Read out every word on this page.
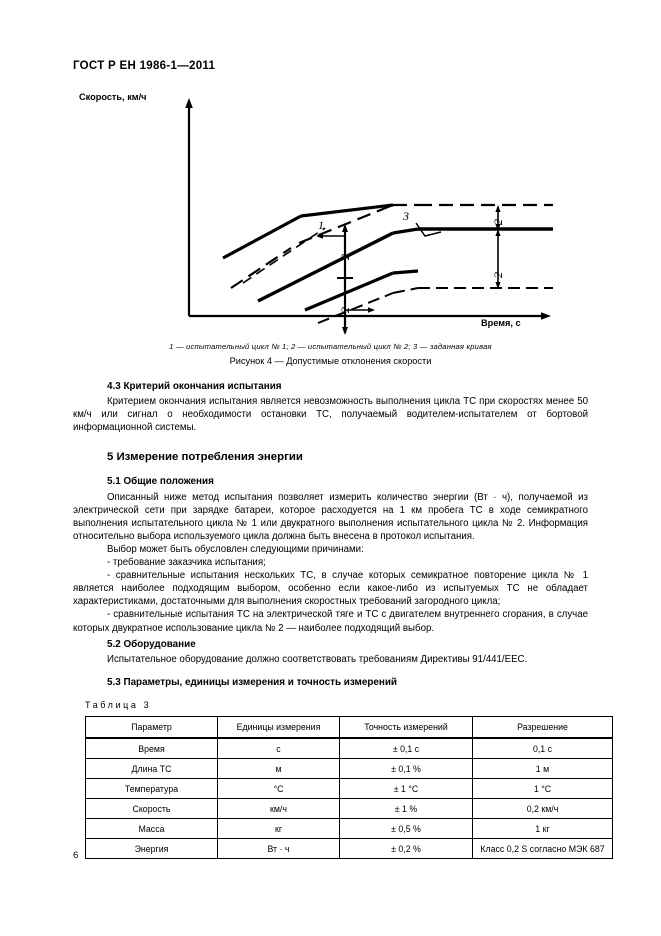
ГОСТ Р ЕН 1986-1—2011
Скорость, км/ч
Время, с
1
3
2
2
2
2
1 — испытательный цикл № 1; 2 — испытательный цикл № 2; 3 — заданная кривая
Рисунок 4 — Допустимые отклонения скорости
4.3 Критерий окончания испытания

Критерием окончания испытания является невозможность выполнения цикла ТС при скоростях менее 50 км/ч или сигнал о необходимости остановки ТС, получаемый водителем-испытателем от бортовой информационной системы.

5 Измерение потребления энергии
5.1 Общие положения

Описанный ниже метод испытания позволяет измерить количество энергии (Вт · ч), получаемой из электрической сети при зарядке батареи, которое расходуется на 1 км пробега ТС в ходе семикратного выполнения испытательного цикла № 1 или двукратного выполнения испытательного цикла № 2. Информация относительно выбора используемого цикла должна быть внесена в протокол испытания.

Выбор может быть обусловлен следующими причинами:

- требование заказчика испытания;

- сравнительные испытания нескольких ТС, в случае которых семикратное повторение цикла № 1 является наиболее подходящим выбором, особенно если какое-либо из испытуемых ТС не обладает характеристиками, достаточными для выполнения скоростных требований загородного цикла;

- сравнительные испытания ТС на электрической тяге и ТС с двигателем внутреннего сгорания, в случае которых двукратное использование цикла № 2 — наиболее подходящий выбор.

5.2 Оборудование

Испытательное оборудование должно соответствовать требованиям Директивы 91/441/ЕЕС.

5.3 Параметры, единицы измерения и точность измерений
Таблица 3
Параметр	Единицы измерения	Точность измерений	Разрешение
Время	с	± 0,1 с	0,1 с
Длина ТС	м	± 0,1 %	1 м
Температура	°С	± 1 °С	1 °С
Скорость	км/ч	± 1 %	0,2 км/ч
Масса	кг	± 0,5 %	1 кг
Энергия	Вт · ч	± 0,2 %	Класс 0,2 S согласно МЭК 687
6
